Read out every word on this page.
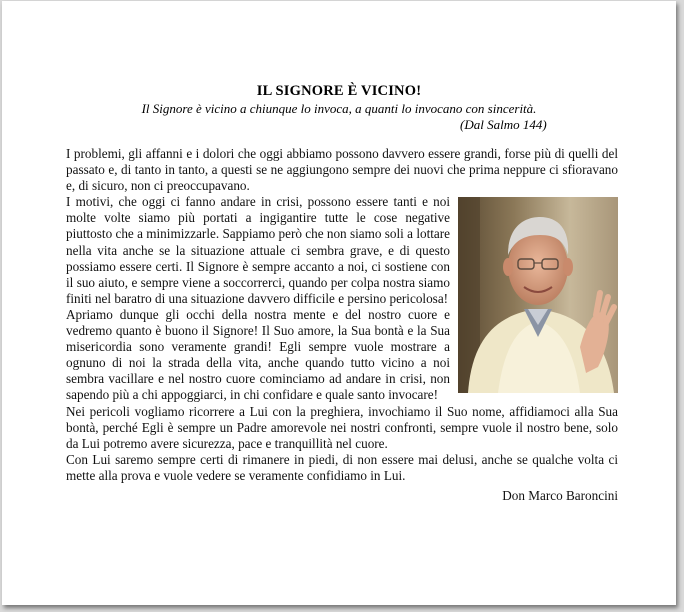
IL SIGNORE È VICINO!
Il Signore è vicino a chiunque lo invoca, a quanti lo invocano con sincerità.
(Dal Salmo 144)

I problemi, gli affanni e i dolori che oggi abbiamo possono davvero essere grandi, forse più di quelli del passato e, di tanto in tanto, a questi se ne aggiungono sempre dei nuovi che prima neppure ci sfioravano e, di sicuro, non ci preoccupavano.

I motivi, che oggi ci fanno andare in crisi, possono essere tanti e noi molte volte siamo più portati a ingigantire tutte le cose negative piuttosto che a minimizzarle. Sappiamo però che non siamo soli a lottare nella vita anche se la situazione attuale ci sembra grave, e di questo possiamo essere certi. Il Signore è sempre accanto a noi, ci sostiene con il suo aiuto, e sempre viene a soccorrerci, quando per colpa nostra siamo finiti nel baratro di una situazione davvero difficile e persino pericolosa!

Apriamo dunque gli occhi della nostra mente e del nostro cuore e vedremo quanto è buono il Signore! Il Suo amore, la Sua bontà e la Sua misericordia sono veramente grandi! Egli sempre vuole mostrare a ognuno di noi la strada della vita, anche quando tutto vicino a noi sembra vacillare e nel nostro cuore cominciamo ad andare in crisi, non sapendo più a chi appoggiarci, in chi confidare e quale santo invocare!

Nei pericoli vogliamo ricorrere a Lui con la preghiera, invochiamo il Suo nome, affidiamoci alla Sua bontà, perché Egli è sempre un Padre amorevole nei nostri confronti, sempre vuole il nostro bene, solo da Lui potremo avere sicurezza, pace e tranquillità nel cuore.

Con Lui saremo sempre certi di rimanere in piedi, di non essere mai delusi, anche se qualche volta ci mette alla prova e vuole vedere se veramente confidiamo in Lui.

Don Marco Baroncini
